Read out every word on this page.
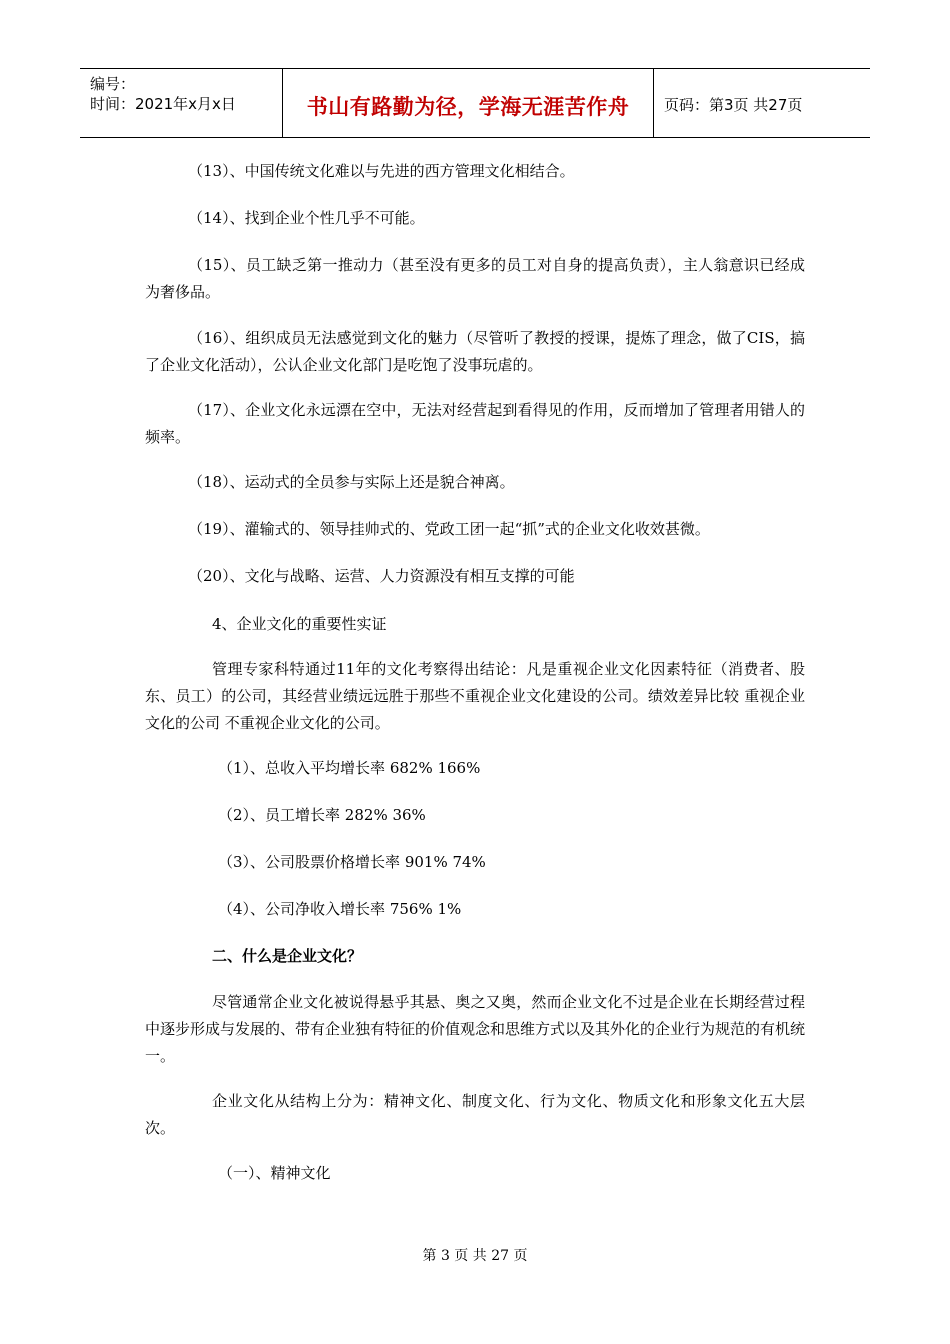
编号：
时间：2021年x月x日	书山有路勤为径，学海无涯苦作舟	页码：第3页 共27页
（13）、中国传统文化难以与先进的西方管理文化相结合。
（14）、找到企业个性几乎不可能。
（15）、员工缺乏第一推动力（甚至没有更多的员工对自身的提高负责），主人翁意识已经成为奢侈品。
（16）、组织成员无法感觉到文化的魅力（尽管听了教授的授课，提炼了理念，做了CIS，搞了企业文化活动），公认企业文化部门是吃饱了没事玩虐的。
（17）、企业文化永远漂在空中，无法对经营起到看得见的作用，反而增加了管理者用错人的频率。
（18）、运动式的全员参与实际上还是貌合神离。
（19）、灌输式的、领导挂帅式的、党政工团一起“抓”式的企业文化收效甚微。
（20）、文化与战略、运营、人力资源没有相互支撑的可能
4、企业文化的重要性实证
管理专家科特通过11年的文化考察得出结论：凡是重视企业文化因素特征（消费者、股东、员工）的公司，其经营业绩远远胜于那些不重视企业文化建设的公司。绩效差异比较 重视企业文化的公司 不重视企业文化的公司。
（1）、总收入平均增长率 682% 166%
（2）、员工增长率 282% 36%
（3）、公司股票价格增长率 901% 74%
（4）、公司净收入增长率 756% 1%
二、什么是企业文化？
尽管通常企业文化被说得悬乎其悬、奥之又奥，然而企业文化不过是企业在长期经营过程中逐步形成与发展的、带有企业独有特征的价值观念和思维方式以及其外化的企业行为规范的有机统一。
企业文化从结构上分为：精神文化、制度文化、行为文化、物质文化和形象文化五大层次。
（一）、精神文化
第 3 页 共 27 页
